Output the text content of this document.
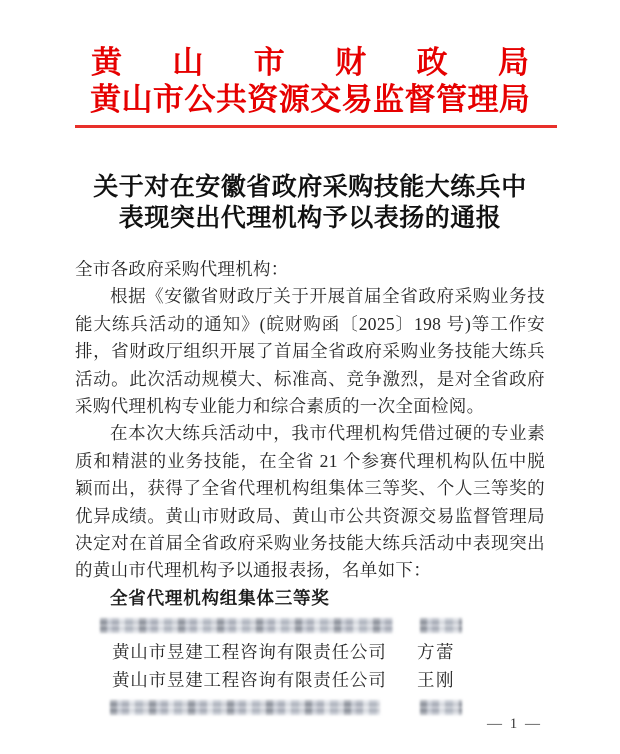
黄 山 市 财 政 局
黄 山 市 公 共 资 源 交 易 监 督 管 理 局
关于对在安徽省政府采购技能大练兵中
表现突出代理机构予以表扬的通报

全市各政府采购代理机构：

根据《安徽省财政厅关于开展首届全省政府采购业务技能大练兵活动的通知》(皖财购函〔2025〕198 号)等工作安排，省财政厅组织开展了首届全省政府采购业务技能大练兵活动。此次活动规模大、标准高、竞争激烈，是对全省政府采购代理机构专业能力和综合素质的一次全面检阅。

在本次大练兵活动中，我市代理机构凭借过硬的专业素质和精湛的业务技能，在全省 21 个参赛代理机构队伍中脱颖而出，获得了全省代理机构组集体三等奖、个人三等奖的优异成绩。黄山市财政局、黄山市公共资源交易监督管理局决定对在首届全省政府采购业务技能大练兵活动中表现突出的黄山市代理机构予以通报表扬，名单如下：

全省代理机构组集体三等奖

黄山市昱建工程咨询有限责任公司	方蕾
黄山市昱建工程咨询有限责任公司	王刚
— 1 —
